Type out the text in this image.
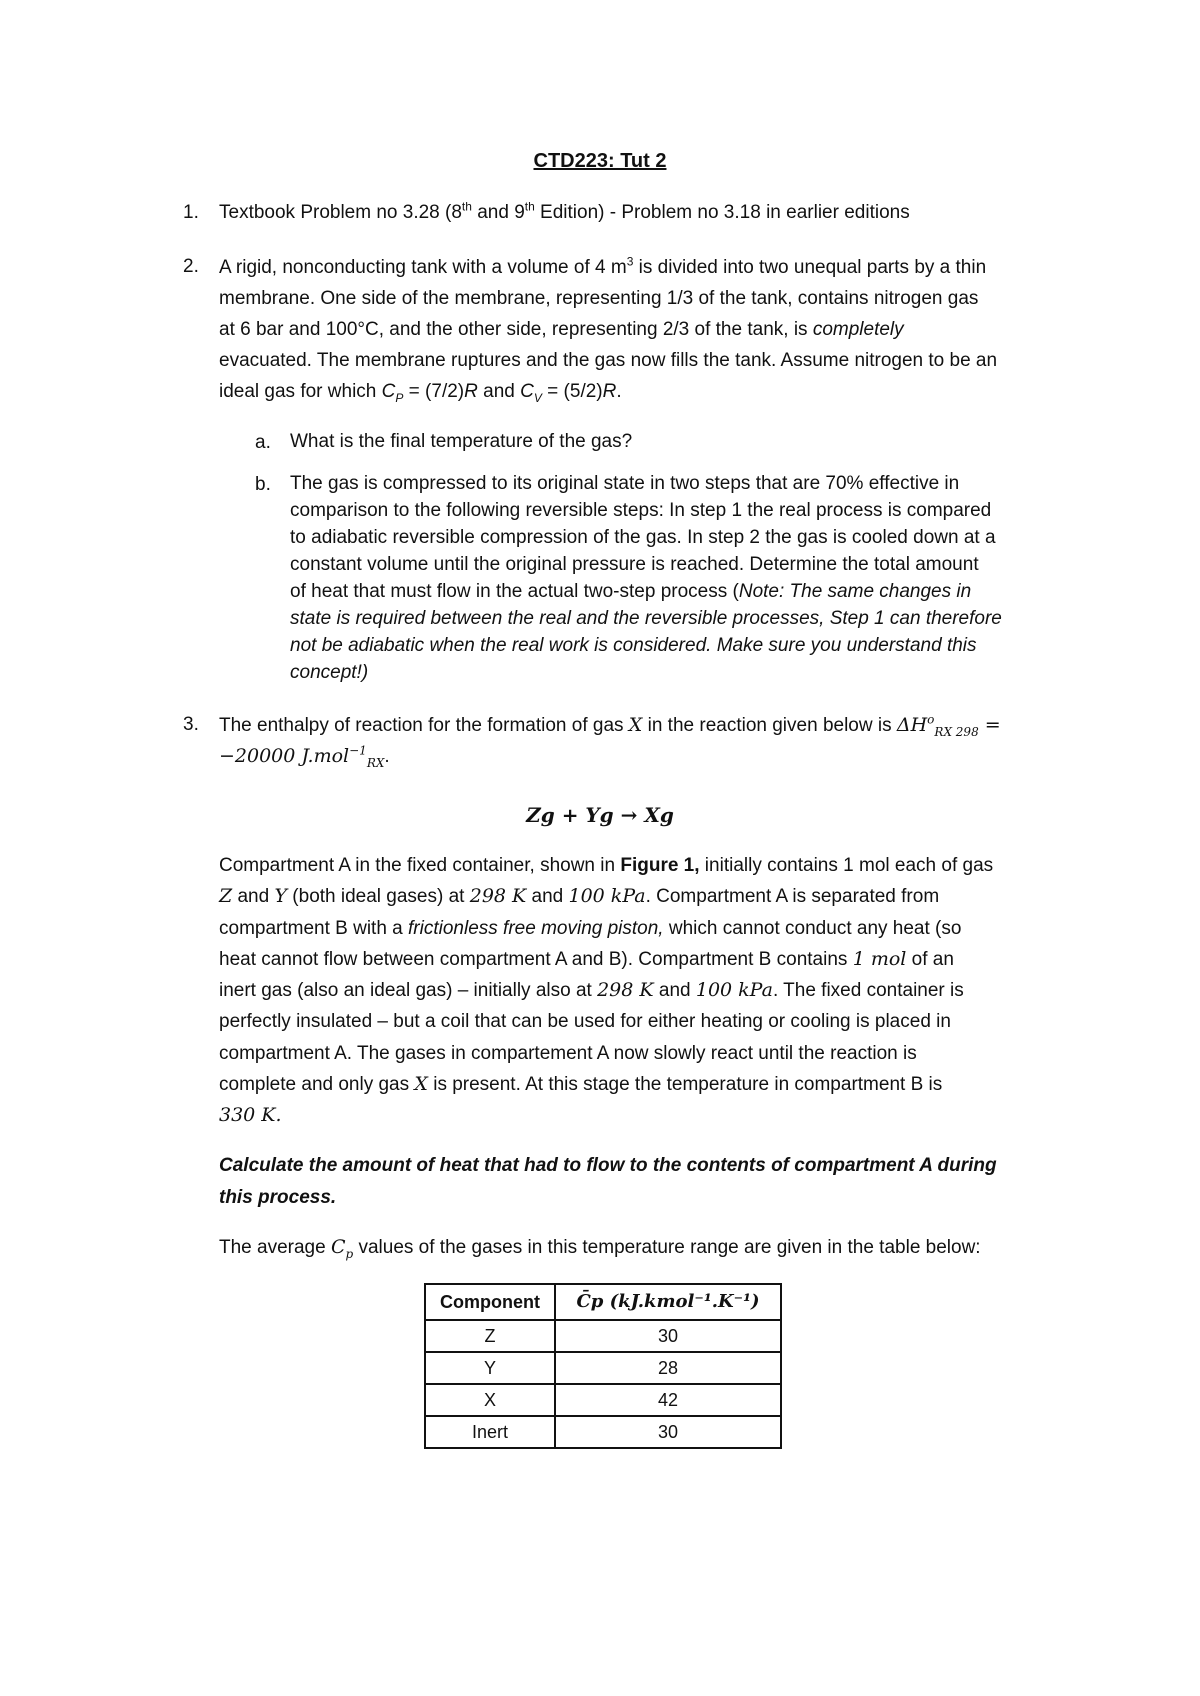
CTD223: Tut 2
1. Textbook Problem no 3.28 (8th and 9th Edition) - Problem no 3.18 in earlier editions
2. A rigid, nonconducting tank with a volume of 4 $m^3$ is divided into two unequal parts by a thin
membrane. One side of the membrane, representing 1/3 of the tank, contains nitrogen gas
at 6 bar and 100°C, and the other side, representing 2/3 of the tank, is completely
evacuated. The membrane ruptures and the gas now fills the tank. Assume nitrogen to be an
ideal gas for which $C_P = (7/2)R$ and $C_V = (5/2)R$.
a. What is the final temperature of the gas?
b. The gas is compressed to its original state in two steps that are 70% effective in
comparison to the following reversible steps: In step 1 the real process is compared
to adiabatic reversible compression of the gas. In step 2 the gas is cooled down at a
constant volume until the original pressure is reached. Determine the total amount
of heat that must flow in the actual two-step process (Note: The same changes in
state is required between the real and the reversible processes, Step 1 can therefore
not be adiabatic when the real work is considered. Make sure you understand this
concept!)
3. The enthalpy of reaction for the formation of gas X in the reaction given below is $\Delta H^o_{RX 298}$ =
−20000 J.mol$^{-1}_{RX}$.
Zg + Yg → Xg
Compartment A in the fixed container, shown in Figure 1, initially contains 1 mol each of gas
Z and Y (both ideal gases) at 298 K and 100 kPa. Compartment A is separated from
compartment B with a frictionless free moving piston, which cannot conduct any heat (so
heat cannot flow between compartment A and B). Compartment B contains 1 mol of an
inert gas (also an ideal gas) – initially also at 298 K and 100 kPa. The fixed container is
perfectly insulated – but a coil that can be used for either heating or cooling is placed in
compartment A. The gases in compartement A now slowly react until the reaction is
complete and only gas X is present. At this stage the temperature in compartment B is
330 K.
Calculate the amount of heat that had to flow to the contents of compartment A during
this process.
The average $C_p$ values of the gases in this temperature range are given in the table below:
Component	C̄p (kJ.kmol⁻¹.K⁻¹)
Z	30
Y	28
X	42
Inert	30
